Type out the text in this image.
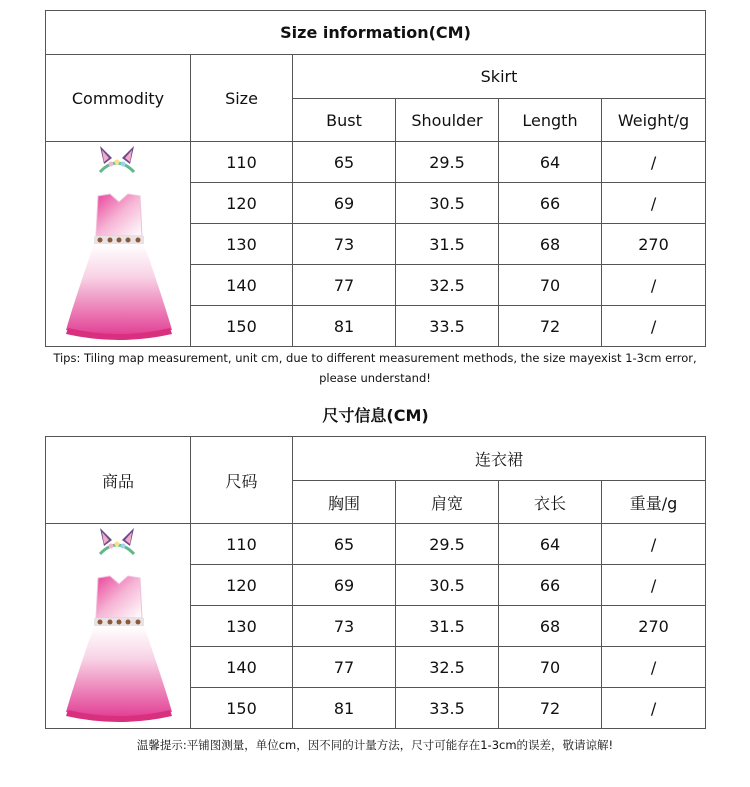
Size information(CM)					
Commodity	Size	Skirt			
		Bust	Shoulder	Length	Weight/g

	110	65	29.5	64	/
	120	69	30.5	66	/
	130	73	31.5	68	270
	140	77	32.5	70	/
	150	81	33.5	72	/
Tips: Tiling map measurement, unit cm, due to different measurement methods, the size mayexist 1-3cm error,
please understand!
尺寸信息(CM)					
商品	尺码	连衣裙			
		胸围	肩宽	衣长	重量/g

	110	65	29.5	64	/
	120	69	30.5	66	/
	130	73	31.5	68	270
	140	77	32.5	70	/
	150	81	33.5	72	/
温馨提示:平铺图测量，单位cm，因不同的计量方法，尺寸可能存在1-3cm的误差，敬请谅解!
